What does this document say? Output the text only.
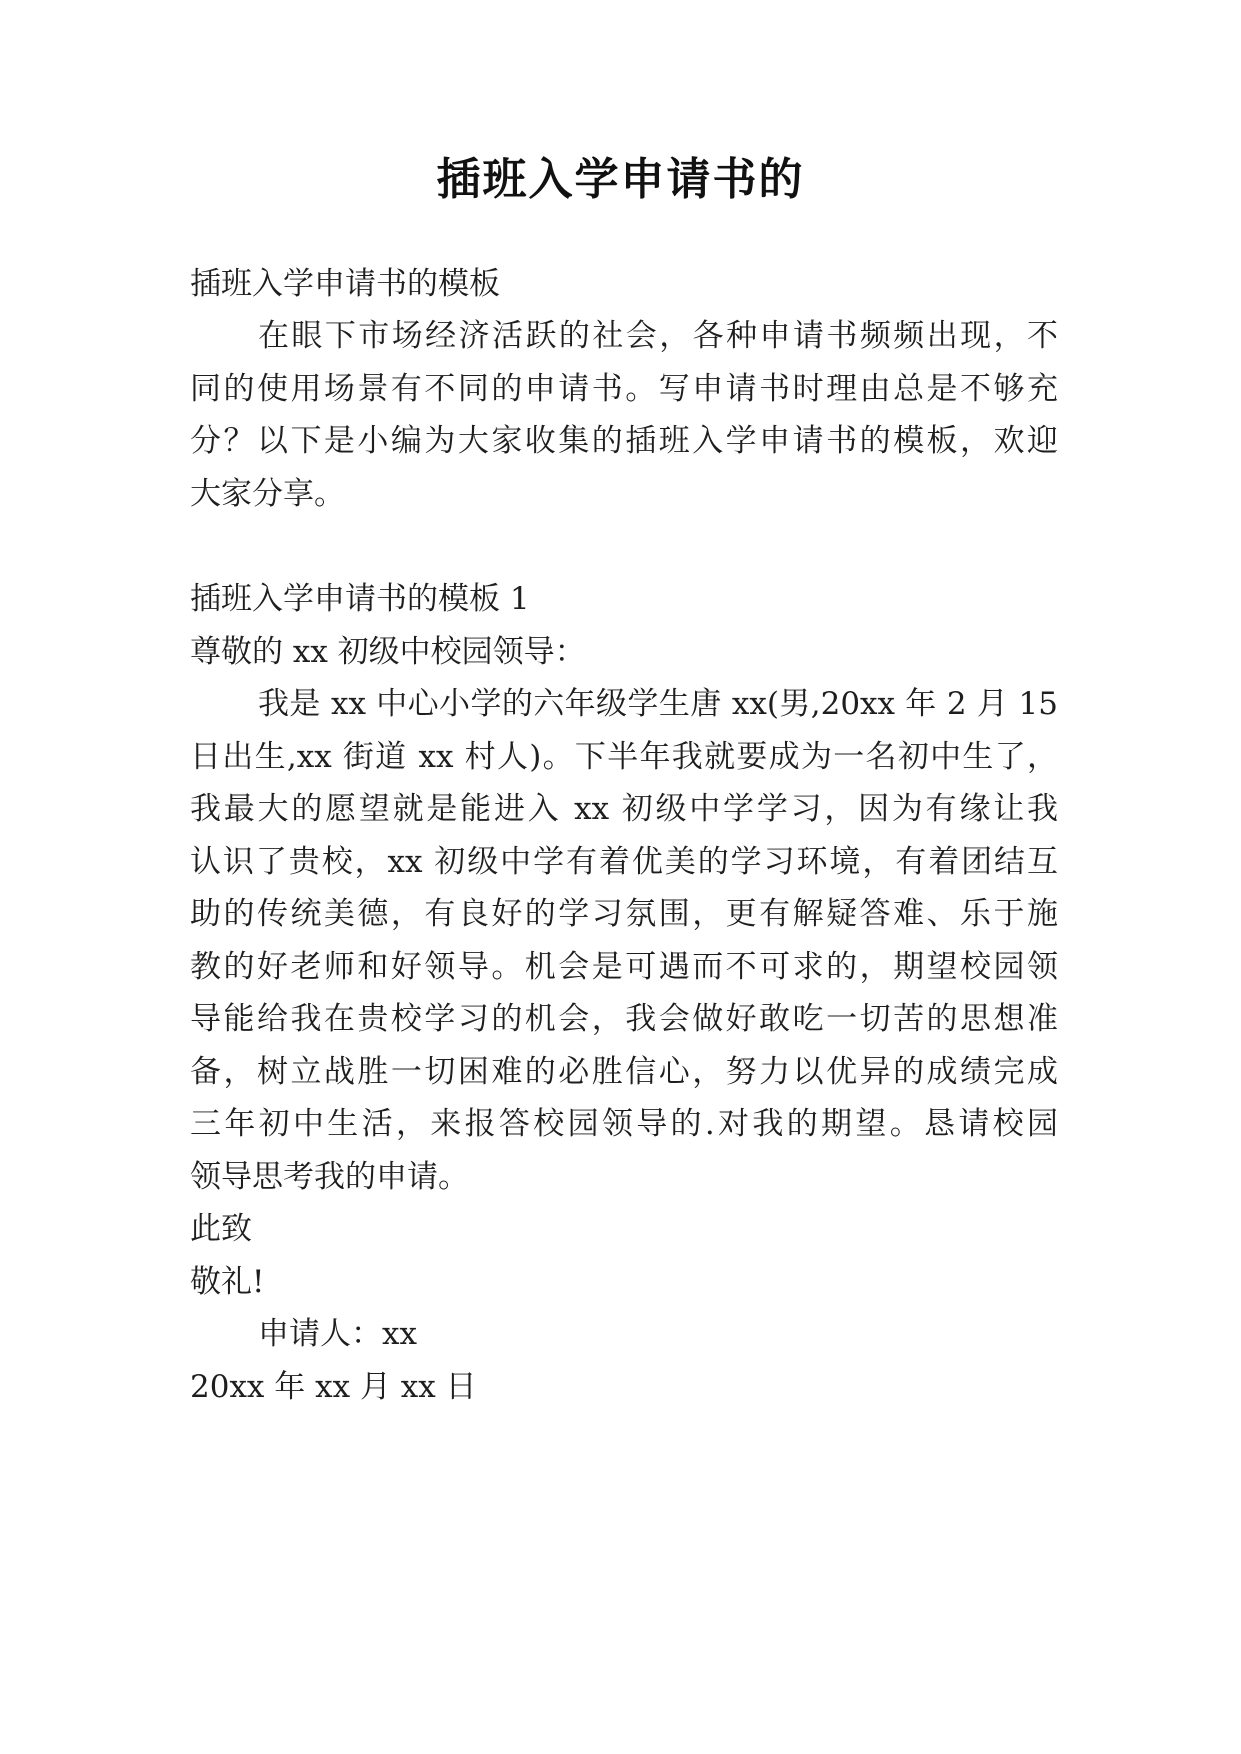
插班入学申请书的
插班入学申请书的模板
在眼下市场经济活跃的社会，各种申请书频频出现，不
同的使用场景有不同的申请书。写申请书时理由总是不够充
分？以下是小编为大家收集的插班入学申请书的模板，欢迎
大家分享。
插班入学申请书的模板 1
尊敬的 xx 初级中校园领导：
我是 xx 中心小学的六年级学生唐 xx(男,20xx 年 2 月 15
日出生,xx 街道 xx 村人)。下半年我就要成为一名初中生了，
我最大的愿望就是能进入 xx 初级中学学习，因为有缘让我
认识了贵校，xx 初级中学有着优美的学习环境，有着团结互
助的传统美德，有良好的学习氛围，更有解疑答难、乐于施
教的好老师和好领导。机会是可遇而不可求的，期望校园领
导能给我在贵校学习的机会，我会做好敢吃一切苦的思想准
备，树立战胜一切困难的必胜信心，努力以优异的成绩完成
三年初中生活，来报答校园领导的.对我的期望。恳请校园
领导思考我的申请。
此致
敬礼!
申请人：xx
20xx 年 xx 月 xx 日
